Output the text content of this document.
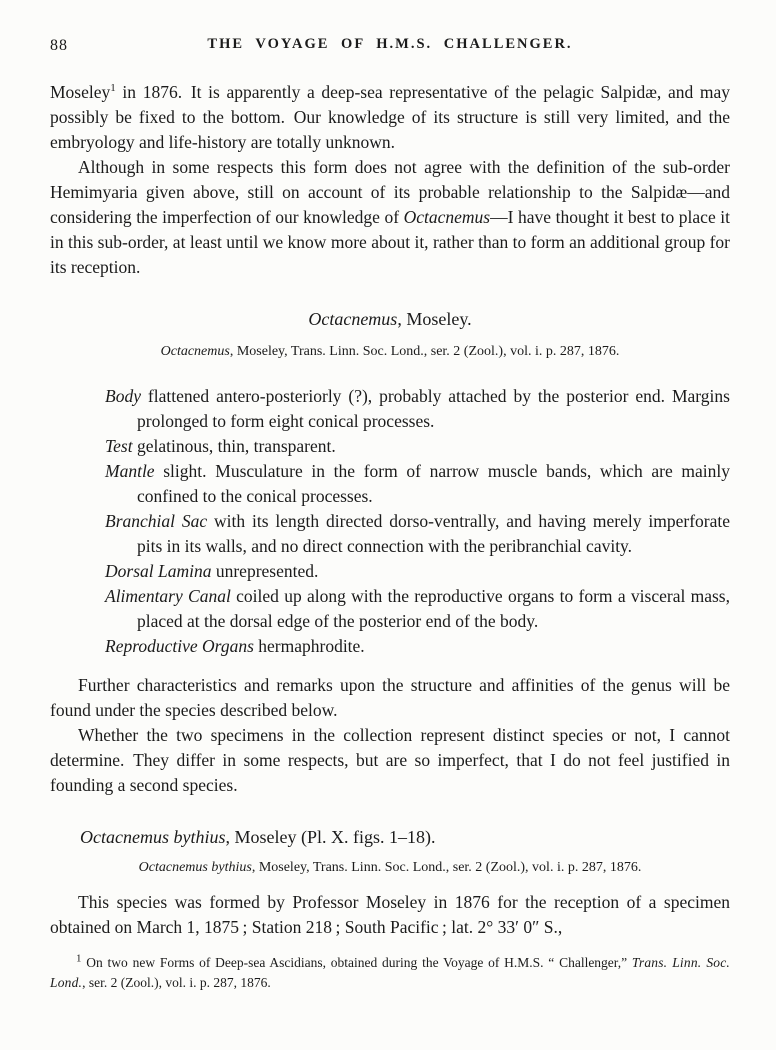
88	THE VOYAGE OF H.M.S. CHALLENGER.

Moseley$^1$ in 1876. It is apparently a deep-sea representative of the pelagic Salpidæ, and may possibly be fixed to the bottom. Our knowledge of its structure is still very limited, and the embryology and life-history are totally unknown.

Although in some respects this form does not agree with the definition of the sub-order Hemimyaria given above, still on account of its probable relationship to the Salpidæ—and considering the imperfection of our knowledge of Octacnemus—I have thought it best to place it in this sub-order, at least until we know more about it, rather than to form an additional group for its reception.

Octacnemus, Moseley.

Octacnemus, Moseley, Trans. Linn. Soc. Lond., ser. 2 (Zool.), vol. i. p. 287, 1876.

Body flattened antero-posteriorly (?), probably attached by the posterior end. Margins prolonged to form eight conical processes.

Test gelatinous, thin, transparent.

Mantle slight. Musculature in the form of narrow muscle bands, which are mainly confined to the conical processes.

Branchial Sac with its length directed dorso-ventrally, and having merely imperforate pits in its walls, and no direct connection with the peribranchial cavity.

Dorsal Lamina unrepresented.

Alimentary Canal coiled up along with the reproductive organs to form a visceral mass, placed at the dorsal edge of the posterior end of the body.

Reproductive Organs hermaphrodite.

Further characteristics and remarks upon the structure and affinities of the genus will be found under the species described below.

Whether the two specimens in the collection represent distinct species or not, I cannot determine. They differ in some respects, but are so imperfect, that I do not feel justified in founding a second species.

Octacnemus bythius, Moseley (Pl. X. figs. 1–18).

Octacnemus bythius, Moseley, Trans. Linn. Soc. Lond., ser. 2 (Zool.), vol. i. p. 287, 1876.

This species was formed by Professor Moseley in 1876 for the reception of a specimen obtained on March 1, 1875 ; Station 218 ; South Pacific ; lat. 2° 33′ 0″ S.,

$^1$ On two new Forms of Deep-sea Ascidians, obtained during the Voyage of H.M.S. “ Challenger,” Trans. Linn. Soc. Lond., ser. 2 (Zool.), vol. i. p. 287, 1876.
